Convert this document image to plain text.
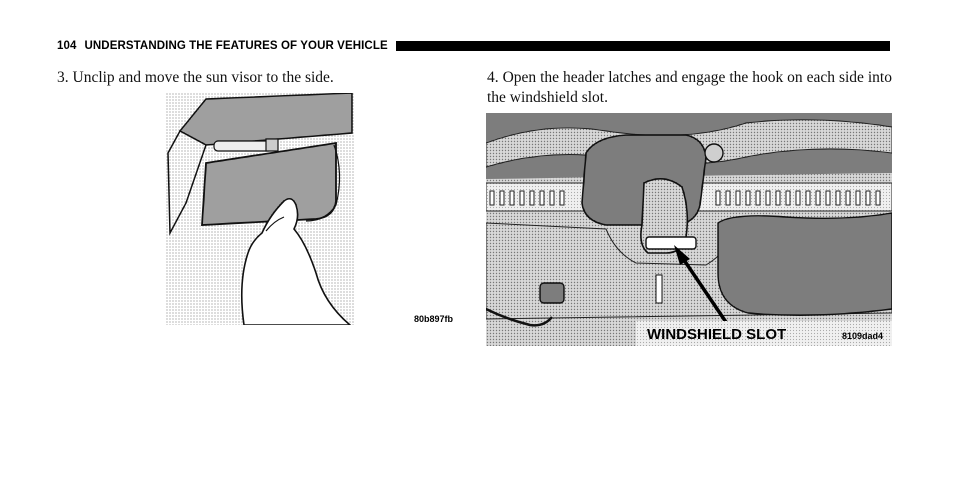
104 UNDERSTANDING THE FEATURES OF YOUR VEHICLE
3. Unclip and move the sun visor to the side.	4. Open the header latches and engage the hook on each side into the windshield slot.
80b897fb
WINDSHIELD SLOT	8109dad4
